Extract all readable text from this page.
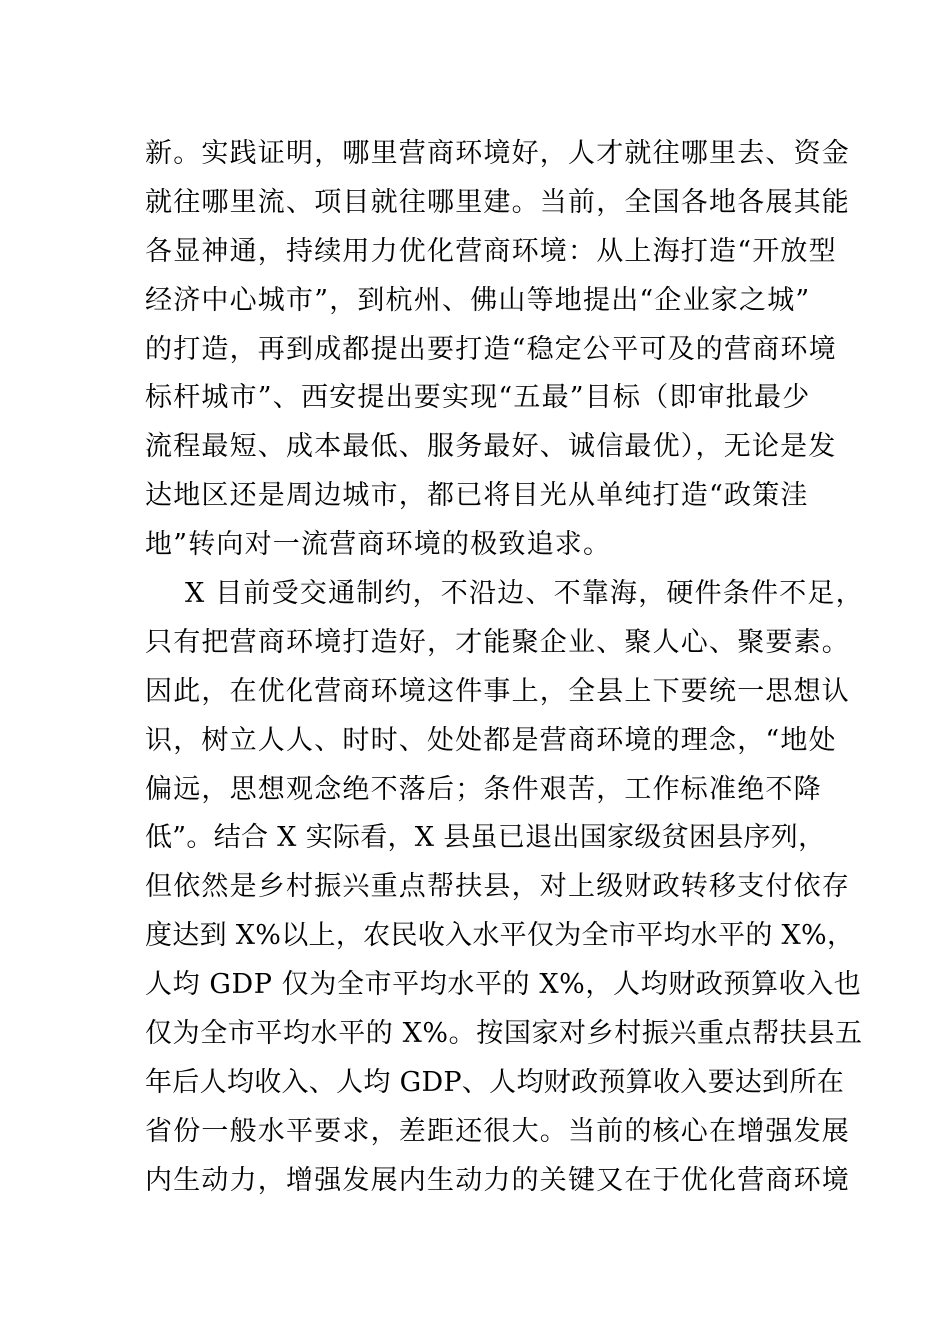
新。实践证明，哪里营商环境好，人才就往哪里去、资金
就往哪里流、项目就往哪里建。当前，全国各地各展其能
各显神通，持续用力优化营商环境：从上海打造“开放型
经济中心城市”，到杭州、佛山等地提出“企业家之城”
的打造，再到成都提出要打造“稳定公平可及的营商环境
标杆城市”、西安提出要实现“五最”目标（即审批最少
流程最短、成本最低、服务最好、诚信最优），无论是发
达地区还是周边城市，都已将目光从单纯打造“政策洼
地”转向对一流营商环境的极致追求。
X 目前受交通制约，不沿边、不靠海，硬件条件不足，
只有把营商环境打造好，才能聚企业、聚人心、聚要素。
因此，在优化营商环境这件事上，全县上下要统一思想认
识，树立人人、时时、处处都是营商环境的理念，“地处
偏远，思想观念绝不落后；条件艰苦，工作标准绝不降
低”。结合 X 实际看，X 县虽已退出国家级贫困县序列，
但依然是乡村振兴重点帮扶县，对上级财政转移支付依存
度达到 X%以上，农民收入水平仅为全市平均水平的 X%，
人均 GDP 仅为全市平均水平的 X%，人均财政预算收入也
仅为全市平均水平的 X%。按国家对乡村振兴重点帮扶县五
年后人均收入、人均 GDP、人均财政预算收入要达到所在
省份一般水平要求，差距还很大。当前的核心在增强发展
内生动力，增强发展内生动力的关键又在于优化营商环境
